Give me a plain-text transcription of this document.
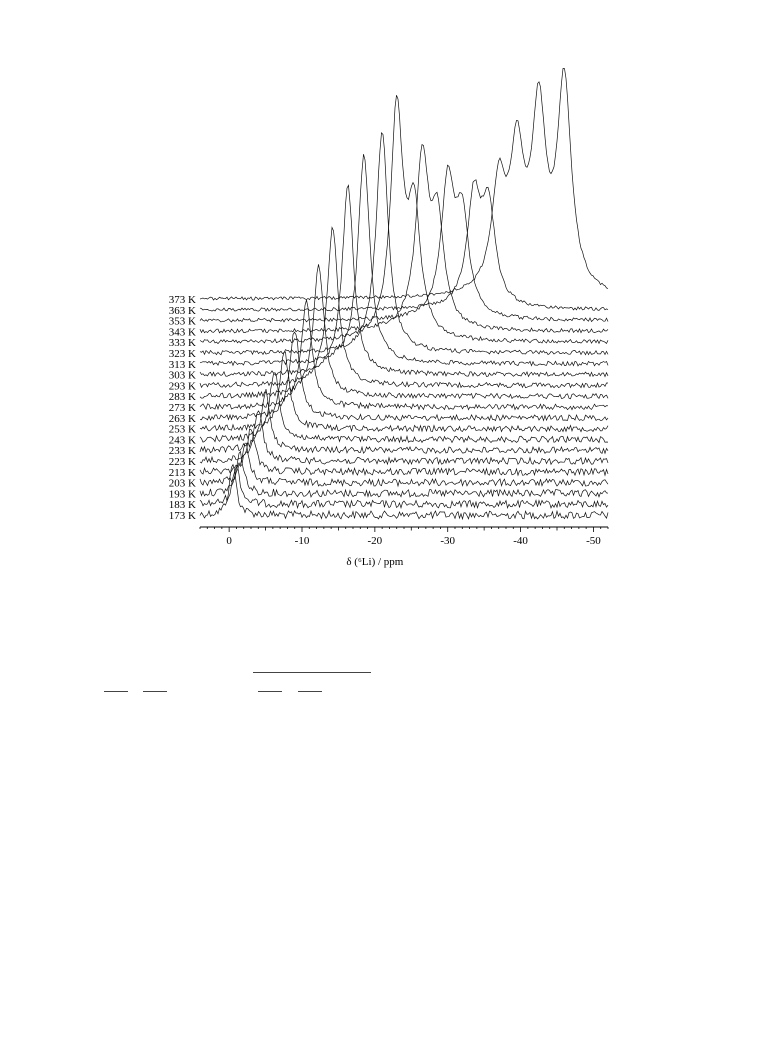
173 K
183 K
193 K
203 K
213 K
223 K
233 K
243 K
253 K
263 K
273 K
283 K
293 K
303 K
313 K
323 K
333 K
343 K
353 K
363 K
373 K
0	-10	-20	-30	-40	-50
δ (⁶Li) / ppm
